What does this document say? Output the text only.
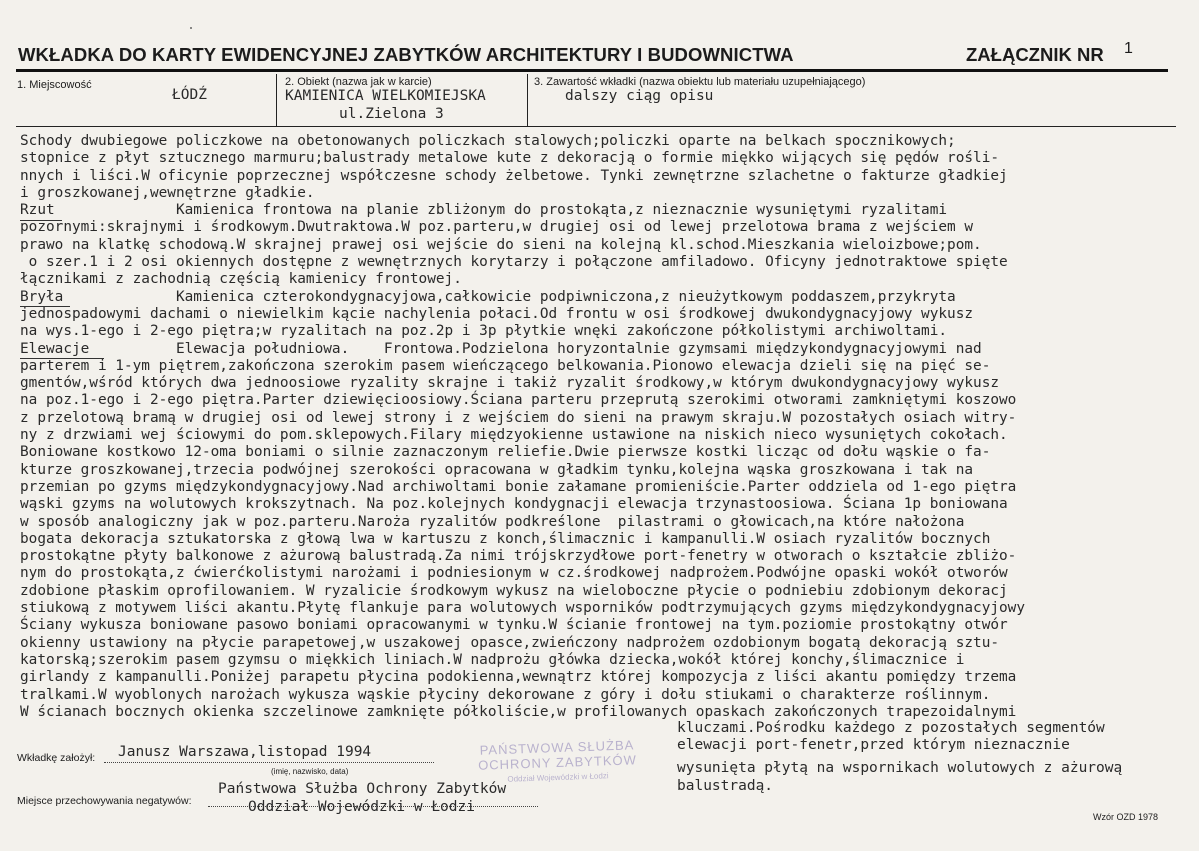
WKŁADKA DO KARTY EWIDENCYJNEJ ZABYTKÓW ARCHITEKTURY I BUDOWNICTWA	ZAŁĄCZNIK NR 1
1. Miejscowość
ŁÓDŹ
2. Obiekt (nazwa jak w karcie)
KAMIENICA WIELKOMIEJSKA
ul.Zielona 3
3. Zawartość wkładki (nazwa obiektu lub materiału uzupełniającego)
dalszy ciąg opisu
Schody dwubiegowe policzkowe na obetonowanych policzkach stalowych;policzki oparte na belkach spocznikowych;
stopnice z płyt sztucznego marmuru;balustrady metalowe kute z dekoracją o formie miękko wijących się pędów rośli-
nnych i liści.W oficynie poprzecznej współczesne schody żelbetowe. Tynki zewnętrzne szlachetne o fakturze gładkiej
i groszkowanej,wewnętrzne gładkie.
Rzut              Kamienica frontowa na planie zbliżonym do prostokąta,z nieznacznie wysuniętymi ryzalitami
pozornymi:skrajnymi i środkowym.Dwutraktowa.W poz.parteru,w drugiej osi od lewej przelotowa brama z wejściem w
prawo na klatkę schodową.W skrajnej prawej osi wejście do sieni na kolejną kl.schod.Mieszkania wieloizbowe;pom.
o szer.1 i 2 osi okiennych dostępne z wewnętrznych korytarzy i połączone amfiladowo. Oficyny jednotraktowe spięte
łącznikami z zachodnią częścią kamienicy frontowej.
Bryła             Kamienica czterokondygnacyjowa,całkowicie podpiwniczona,z nieużytkowym poddaszem,przykryta
jednospadowymi dachami o niewielkim kącie nachylenia połaci.Od frontu w osi środkowej dwukondygnacyjowy wykusz
na wys.1-ego i 2-ego piętra;w ryzalitach na poz.2p i 3p płytkie wnęki zakończone półkolistymi archiwoltami.
Elewacje          Elewacja południowa.    Frontowa.Podzielona horyzontalnie gzymsami międzykondygnacyjowymi nad
parterem i 1-ym piętrem,zakończona szerokim pasem wieńczącego belkowania.Pionowo elewacja dzieli się na pięć se-
gmentów,wśród których dwa jednoosiowe ryzality skrajne i takiż ryzalit środkowy,w którym dwukondygnacyjowy wykusz
na poz.1-ego i 2-ego piętra.Parter dziewięcioosiowy.Ściana parteru przeprutą szerokimi otworami zamkniętymi koszowo
z przelotową bramą w drugiej osi od lewej strony i z wejściem do sieni na prawym skraju.W pozostałych osiach witry-
ny z drzwiami wej ściowymi do pom.sklepowych.Filary międzyokienne ustawione na niskich nieco wysuniętych cokołach.
Boniowane kostkowo 12-oma boniami o silnie zaznaczonym reliefie.Dwie pierwsze kostki licząc od dołu wąskie o fa-
kturze groszkowanej,trzecia podwójnej szerokości opracowana w gładkim tynku,kolejna wąska groszkowana i tak na
przemian po gzyms międzykondygnacyjowy.Nad archiwoltami bonie załamane promieniście.Parter oddziela od 1-ego piętra
wąski gzyms na wolutowych krokszytnach. Na poz.kolejnych kondygnacji elewacja trzynastoosiowa. Ściana 1p boniowana
w sposób analogiczny jak w poz.parteru.Naroża ryzalitów podkreślone  pilastrami o głowicach,na które nałożona
bogata dekoracja sztukatorska z głową lwa w kartuszu z konch,ślimacznic i kampanulli.W osiach ryzalitów bocznych
prostokątne płyty balkonowe z ażurową balustradą.Za nimi trójskrzydłowe port-fenetry w otworach o kształcie zbliżo-
nym do prostokąta,z ćwierćkolistymi narożami i podniesionym w cz.środkowej nadprożem.Podwójne opaski wokół otworów
zdobione płaskim oprofilowaniem. W ryzalicie środkowym wykusz na wieloboczne płycie o podniebiu zdobionym dekoracj
stiukową z motywem liści akantu.Płytę flankuje para wolutowych wsporników podtrzymujących gzyms międzykondygnacyjowy
Ściany wykusza boniowane pasowo boniami opracowanymi w tynku.W ścianie frontowej na tym.poziomie prostokątny otwór
okienny ustawiony na płycie parapetowej,w uszakowej opasce,zwieńczony nadprożem ozdobionym bogatą dekoracją sztu-
katorską;szerokim pasem gzymsu o miękkich liniach.W nadprożu główka dziecka,wokół której konchy,ślimacznice i
girlandy z kampanulli.Poniżej parapetu płycina podokienna,wewnątrz której kompozycja z liści akantu pomiędzy trzema
tralkami.W wyoblonych narożach wykusza wąskie płyciny dekorowane z góry i dołu stiukami o charakterze roślinnym.
W ścianach bocznych okienka szczelinowe zamknięte półkoliście,w profilowanych opaskach zakończonych trapezoidalnymi
kluczami.Pośrodku każdego z pozostałych segmentów
elewacji port-fenetr,przed którym nieznacznie
wysunięta płytą na wspornikach wolutowych z ażurową
balustradą.
Wkładkę założył: Janusz Warszawa,listopad 1994
(imię, nazwisko, data)
Miejsce przechowywania negatywów:
Państwowa Służba Ochrony Zabytków
Oddział Wojewódzki w Łodzi
PAŃSTWOWA SŁUŻBA
OCHRONY ZABYTKÓW
Oddział Wojewódzki w Łodzi
Wzór OZD 1978
